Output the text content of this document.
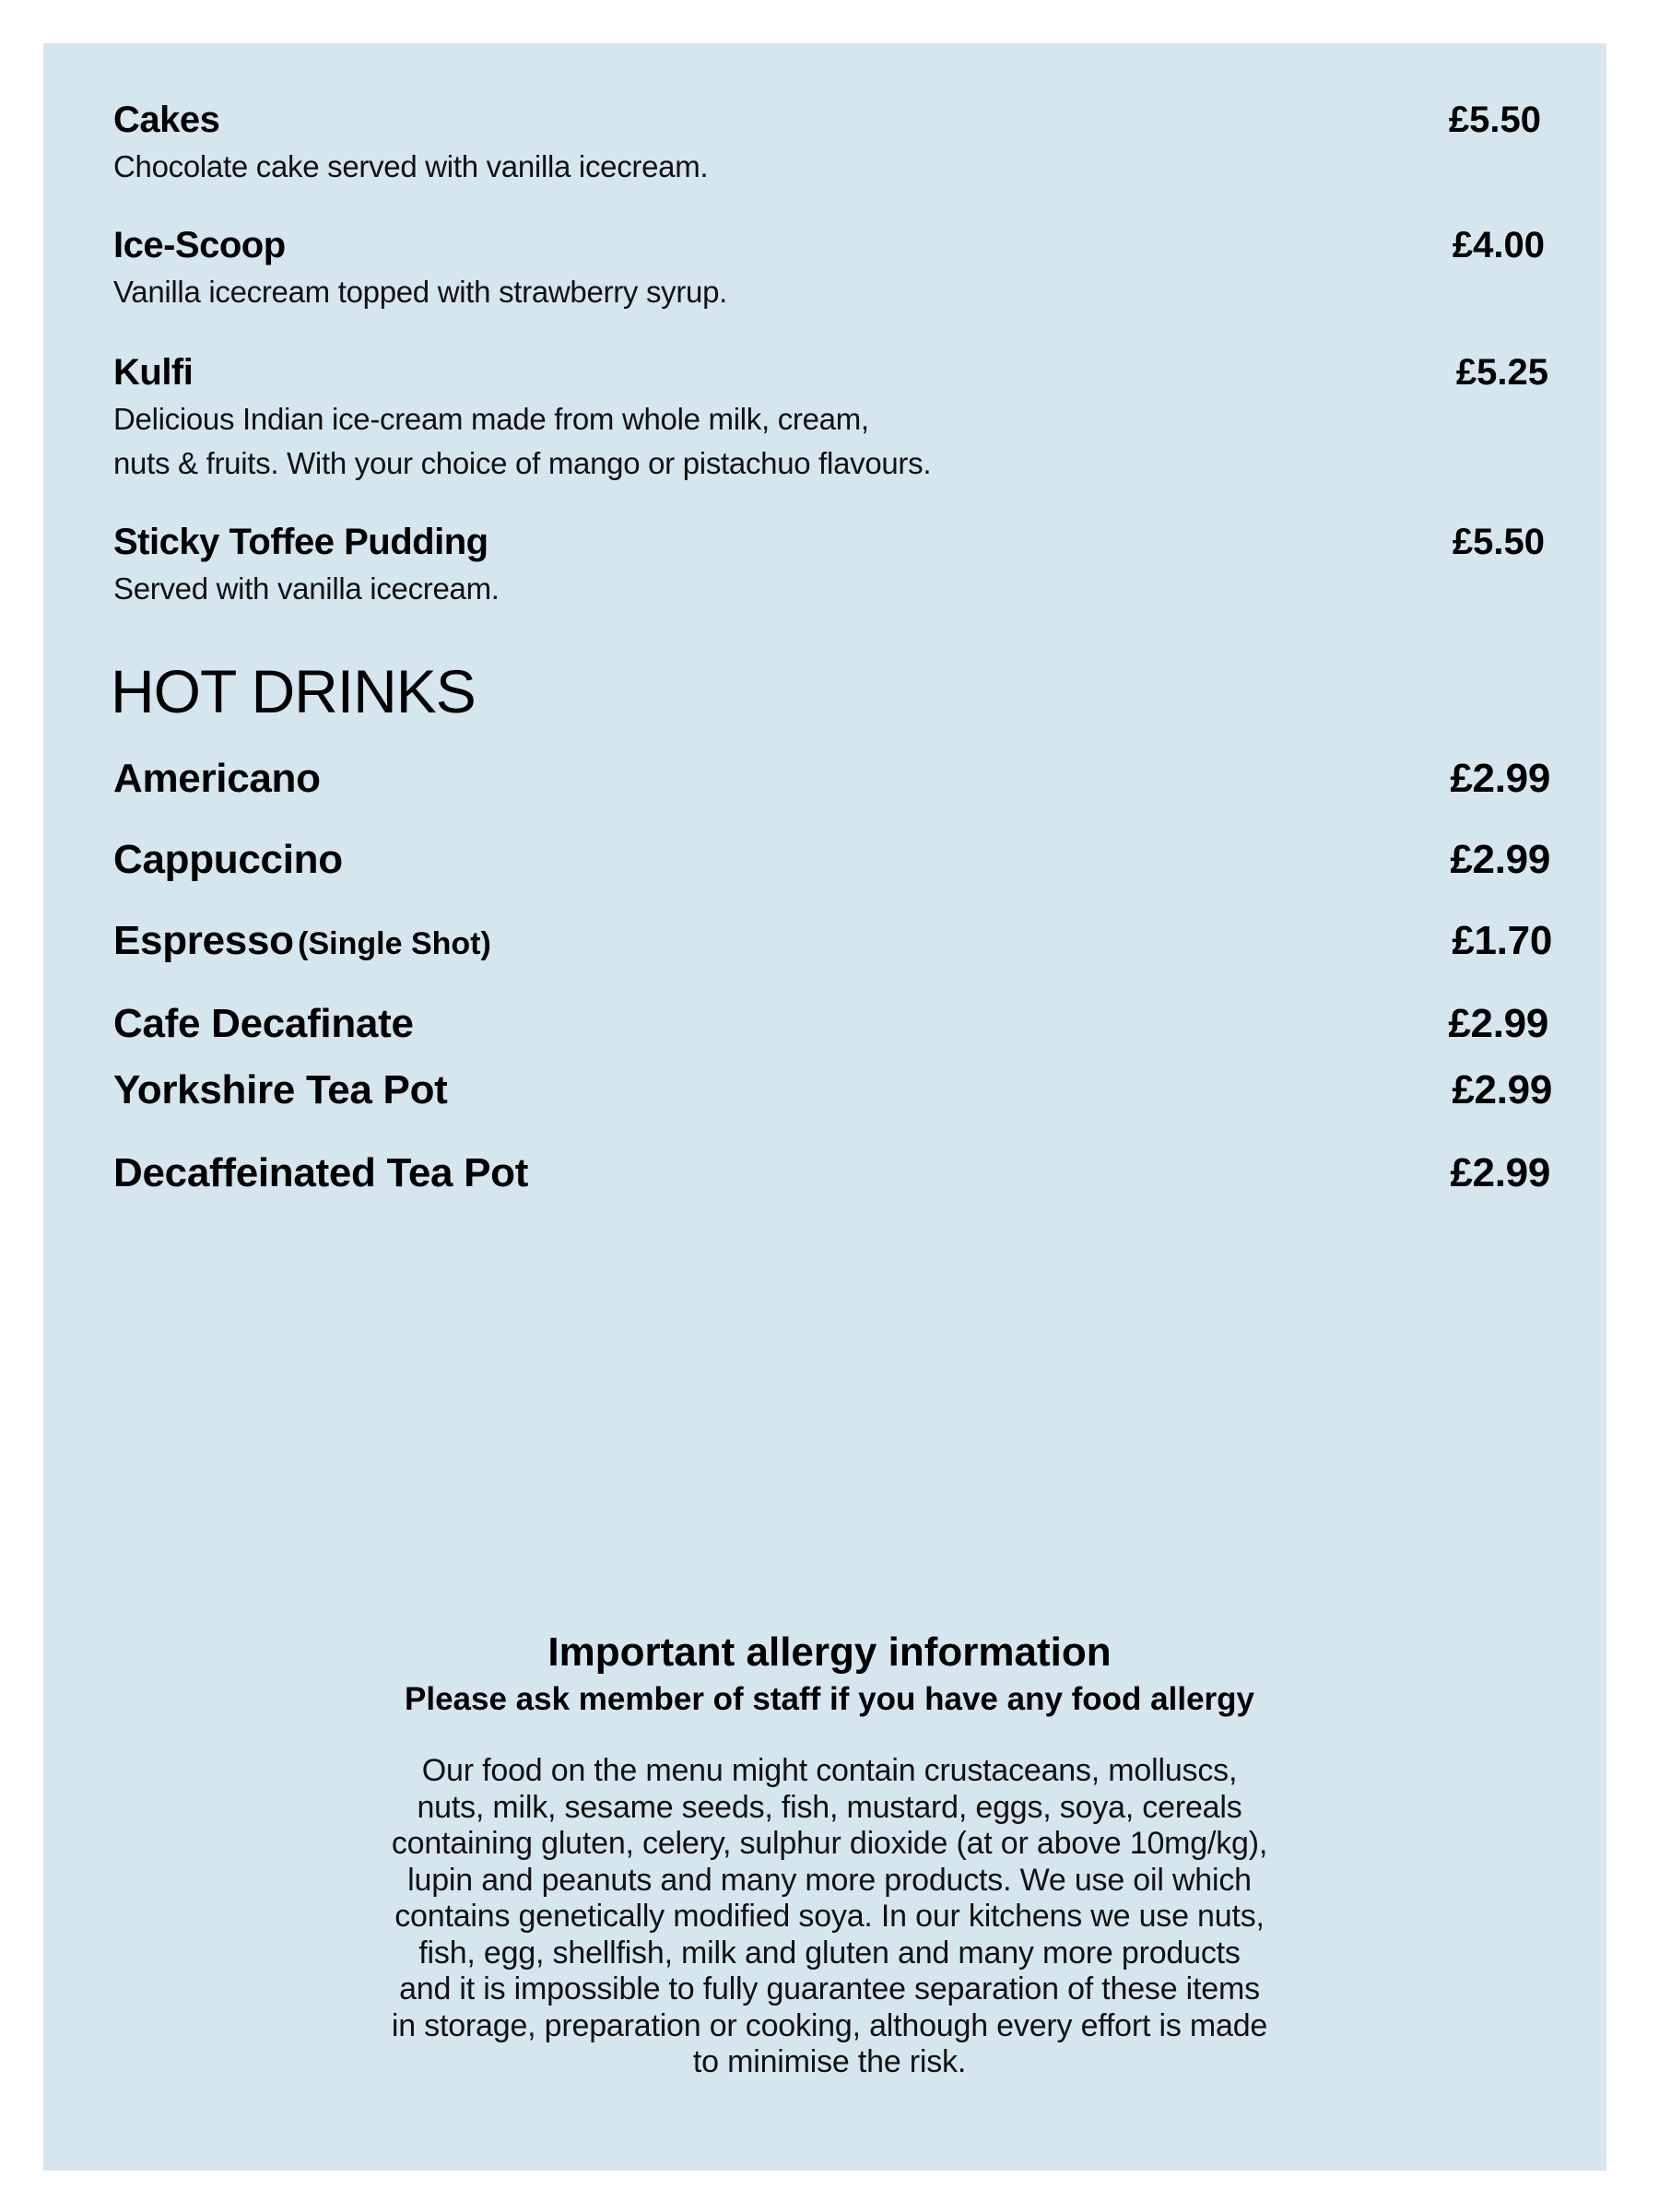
Cakes	£5.50
Chocolate cake served with vanilla icecream.
Ice-Scoop	£4.00
Vanilla icecream topped with strawberry syrup.
Kulfi	£5.25
Delicious Indian ice-cream made from whole milk, cream,
nuts & fruits. With your choice of mango or pistachuo flavours.
Sticky Toffee Pudding	£5.50
Served with vanilla icecream.
HOT DRINKS
Americano	£2.99
Cappuccino	£2.99
Espresso (Single Shot)	£1.70
Cafe Decafinate	£2.99
Yorkshire Tea Pot	£2.99
Decaffeinated Tea Pot	£2.99
Important allergy information
Please ask member of staff if you have any food allergy
Our food on the menu might contain crustaceans, molluscs,
nuts, milk, sesame seeds, fish, mustard, eggs, soya, cereals
containing gluten, celery, sulphur dioxide (at or above 10mg/kg),
lupin and peanuts and many more products. We use oil which
contains genetically modified soya. In our kitchens we use nuts,
fish, egg, shellfish, milk and gluten and many more products
and it is impossible to fully guarantee separation of these items
in storage, preparation or cooking, although every effort is made
to minimise the risk.
